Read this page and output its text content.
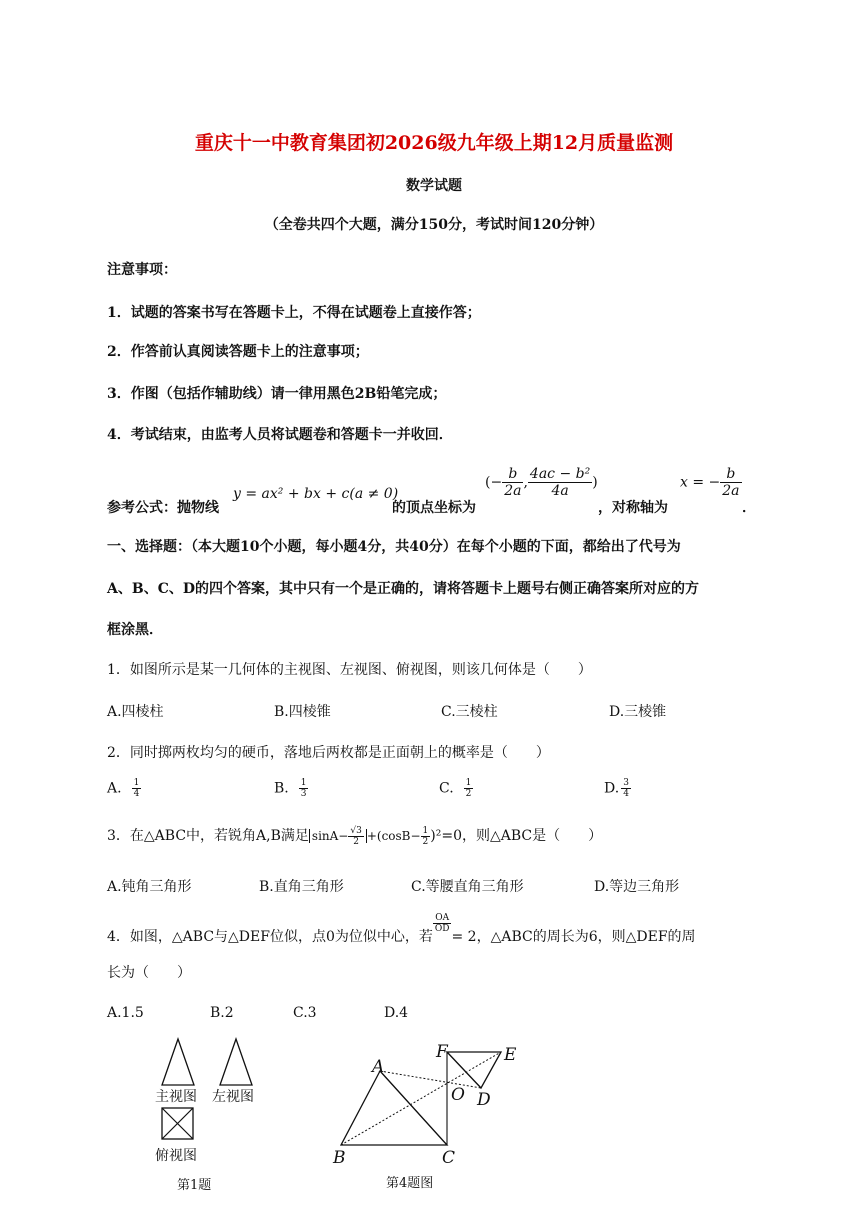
重庆十一中教育集团初2026级九年级上期12月质量监测
数学试题
（全卷共四个大题，满分150分，考试时间120分钟）
注意事项：
1．试题的答案书写在答题卡上，不得在试题卷上直接作答；
2．作答前认真阅读答题卡上的注意事项；
3．作图（包括作辅助线）请一律用黑色2B铅笔完成；
4．考试结束，由监考人员将试题卷和答题卡一并收回．
参考公式：抛物线
y = ax² + bx + c(a ≠ 0)
的顶点坐标为
(− $\frac{b}{2a}$ , $\frac{\text{4ac − b²}}{4a}$ )
，对称轴为
x = − $\frac{b}{2a}$
．
一、选择题：（本大题10个小题，每小题4分，共40分）在每个小题的下面，都给出了代号为
A、B、C、D的四个答案，其中只有一个是正确的，请将答题卡上题号右侧正确答案所对应的方
框涂黑．
1．如图所示是某一几何体的主视图、左视图、俯视图，则该几何体是（　　）
A.四棱柱	B.四棱锥	C.三棱柱	D.三棱锥
2．同时掷两枚均匀的硬币，落地后两枚都是正面朝上的概率是（　　）
A. $\frac{1}{4}$	B. $\frac{1}{3}$	C. $\frac{1}{2}$	D. $\frac{3}{4}$
3．在△ABC中，若锐角A,B满足 $\sin A- \frac{√3}{2} +(\cos B- \frac{1}{2} )^2=0$，则△ABC是（　　）
A.钝角三角形	B.直角三角形	C.等腰直角三角形	D.等边三角形
4．如图，△ABC与△DEF位似，点0为位似中心，若
$\frac{OA}{OD}$
= 2，△ABC的周长为6，则△DEF的周
长为（　　）
A.1.5	B.2	C.3	D.4
主视图 左视图
俯视图
第1题
A
B	C
D
E
F
O
第4题图
